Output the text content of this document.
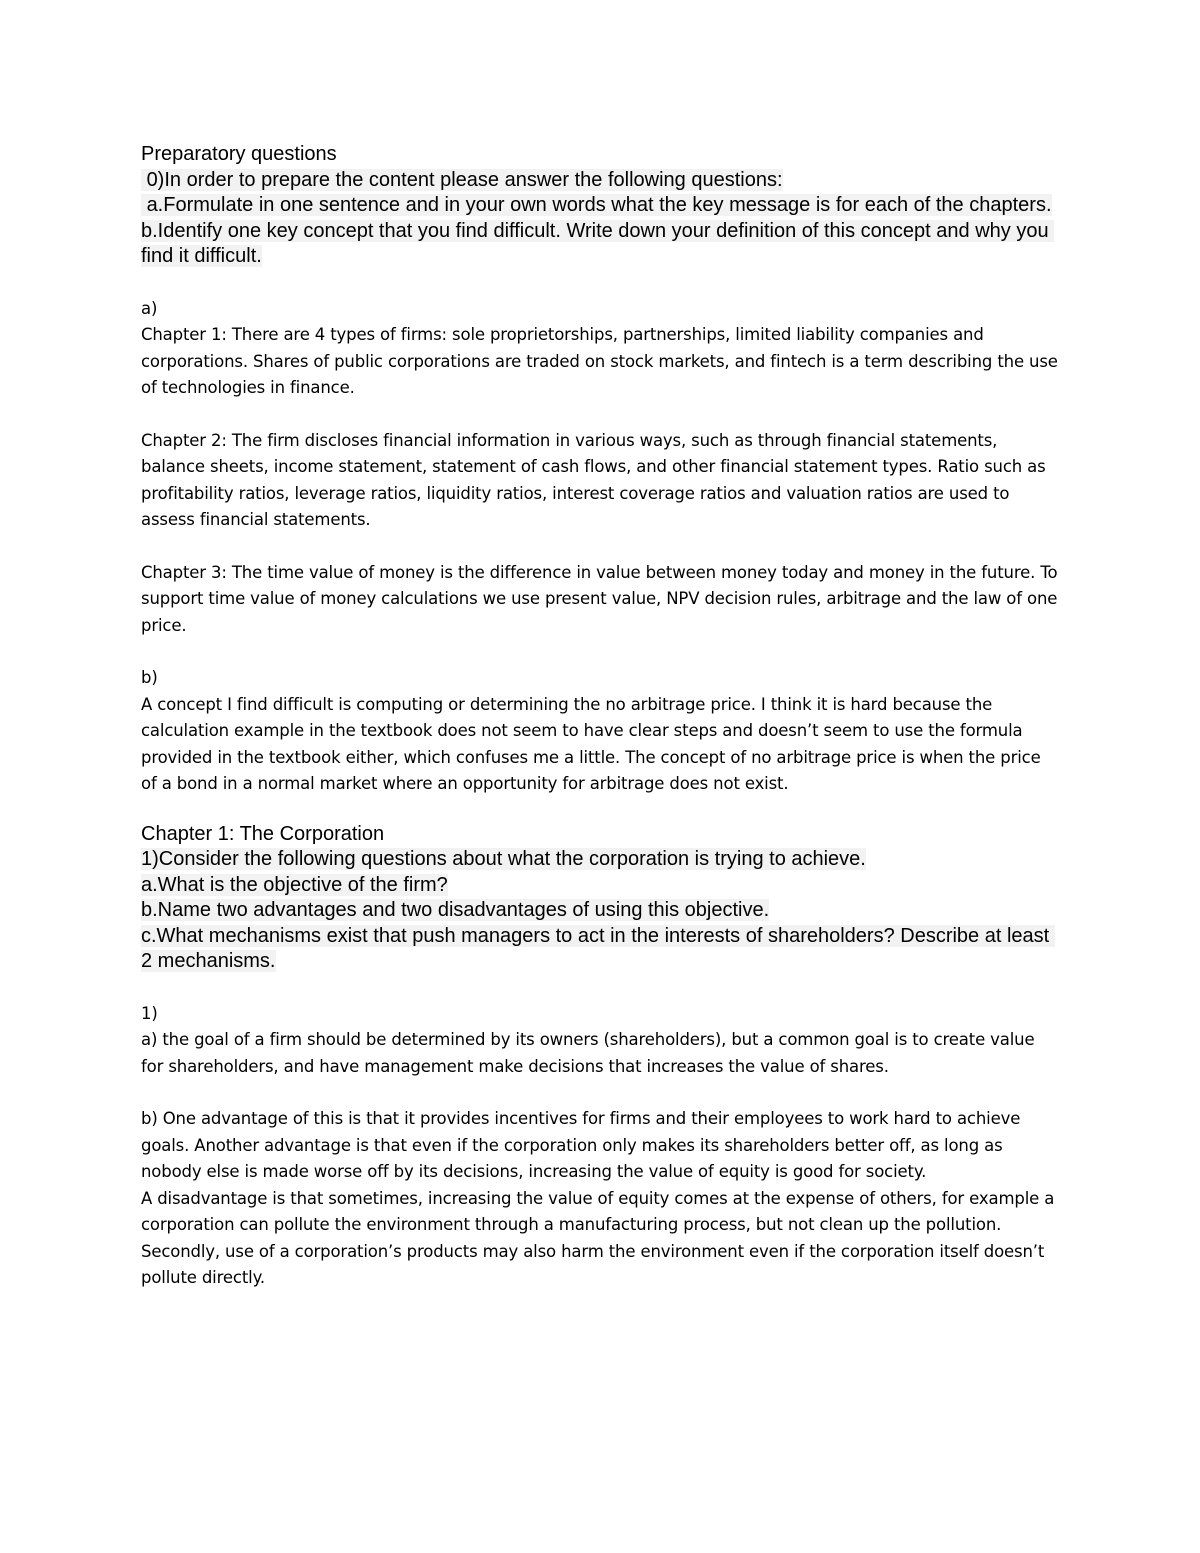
Preparatory questions
0)In order to prepare the content please answer the following questions:
a.Formulate in one sentence and in your own words what the key message is for each of the chapters.
b.Identify one key concept that you find difficult. Write down your definition of this concept and why you find it difficult.
a)
Chapter 1: There are 4 types of firms: sole proprietorships, partnerships, limited liability companies and corporations. Shares of public corporations are traded on stock markets, and fintech is a term describing the use of technologies in finance.
Chapter 2: The firm discloses financial information in various ways, such as through financial statements, balance sheets, income statement, statement of cash flows, and other financial statement types. Ratio such as profitability ratios, leverage ratios, liquidity ratios, interest coverage ratios and valuation ratios are used to assess financial statements.
Chapter 3: The time value of money is the difference in value between money today and money in the future. To support time value of money calculations we use present value, NPV decision rules, arbitrage and the law of one price.
b)
A concept I find difficult is computing or determining the no arbitrage price. I think it is hard because the calculation example in the textbook does not seem to have clear steps and doesn’t seem to use the formula provided in the textbook either, which confuses me a little. The concept of no arbitrage price is when the price of a bond in a normal market where an opportunity for arbitrage does not exist.
Chapter 1: The Corporation
1)Consider the following questions about what the corporation is trying to achieve.
a.What is the objective of the firm?
b.Name two advantages and two disadvantages of using this objective.
c.What mechanisms exist that push managers to act in the interests of shareholders? Describe at least 2 mechanisms.
1)
a) the goal of a firm should be determined by its owners (shareholders), but a common goal is to create value for shareholders, and have management make decisions that increases the value of shares.
b) One advantage of this is that it provides incentives for firms and their employees to work hard to achieve goals. Another advantage is that even if the corporation only makes its shareholders better off, as long as nobody else is made worse off by its decisions, increasing the value of equity is good for society.
A disadvantage is that sometimes, increasing the value of equity comes at the expense of others, for example a corporation can pollute the environment through a manufacturing process, but not clean up the pollution. Secondly, use of a corporation’s products may also harm the environment even if the corporation itself doesn’t pollute directly.
